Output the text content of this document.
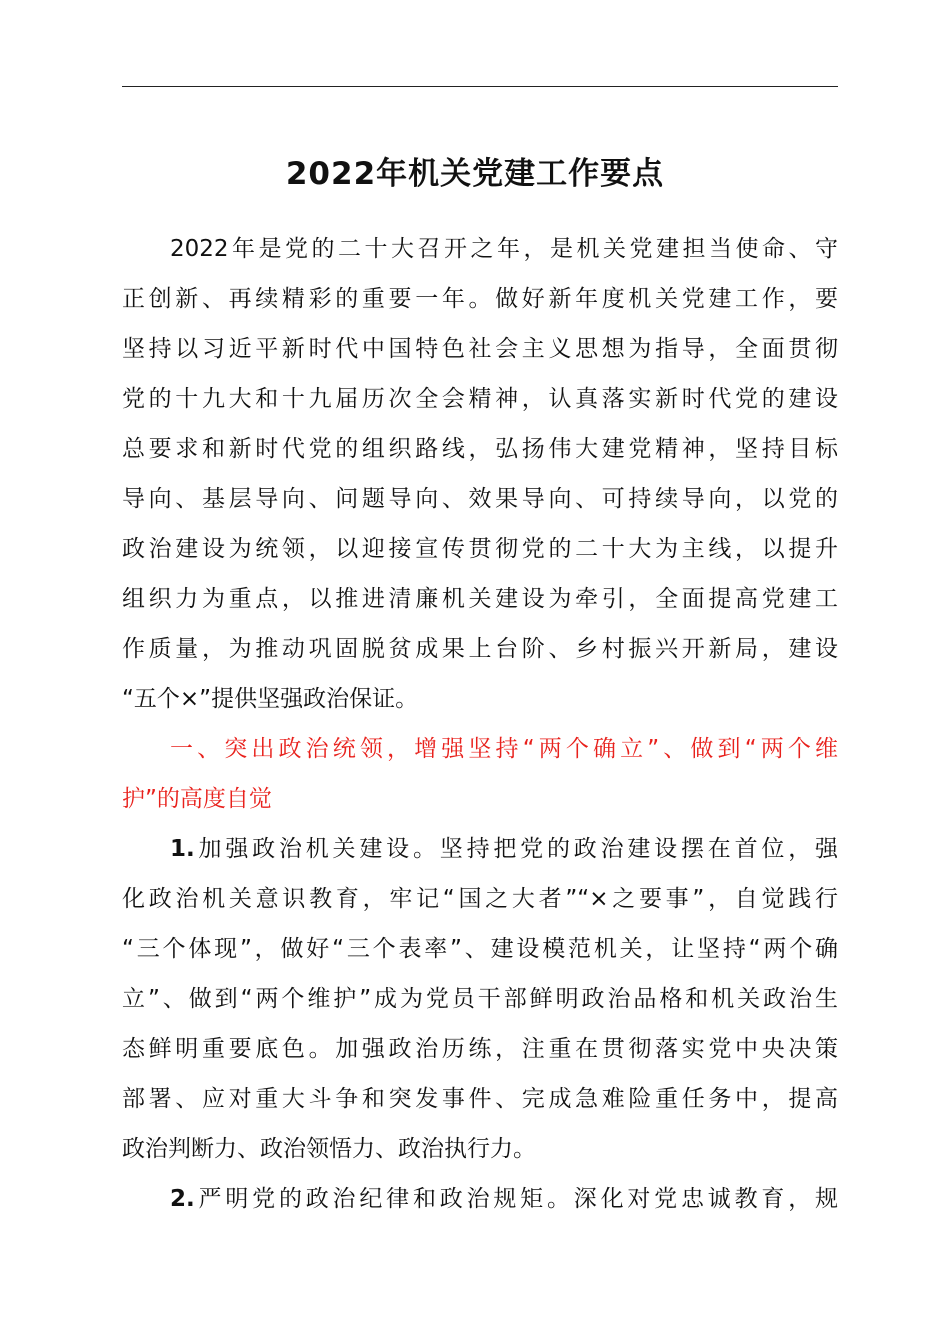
2022年机关党建工作要点
2022年是党的二十大召开之年，是机关党建担当使命、守
正创新、再续精彩的重要一年。做好新年度机关党建工作，要
坚持以习近平新时代中国特色社会主义思想为指导，全面贯彻
党的十九大和十九届历次全会精神，认真落实新时代党的建设
总要求和新时代党的组织路线，弘扬伟大建党精神，坚持目标
导向、基层导向、问题导向、效果导向、可持续导向，以党的
政治建设为统领，以迎接宣传贯彻党的二十大为主线，以提升
组织力为重点，以推进清廉机关建设为牵引，全面提高党建工
作质量，为推动巩固脱贫成果上台阶、乡村振兴开新局，建设
“五个×”提供坚强政治保证。
一、突出政治统领，增强坚持“两个确立”、做到“两个维
护”的高度自觉
1.加强政治机关建设。坚持把党的政治建设摆在首位，强
化政治机关意识教育，牢记“国之大者”“×之要事”，自觉践行
“三个体现”，做好“三个表率”、建设模范机关，让坚持“两个确
立”、做到“两个维护”成为党员干部鲜明政治品格和机关政治生
态鲜明重要底色。加强政治历练，注重在贯彻落实党中央决策
部署、应对重大斗争和突发事件、完成急难险重任务中，提高
政治判断力、政治领悟力、政治执行力。
2.严明党的政治纪律和政治规矩。深化对党忠诚教育，规
